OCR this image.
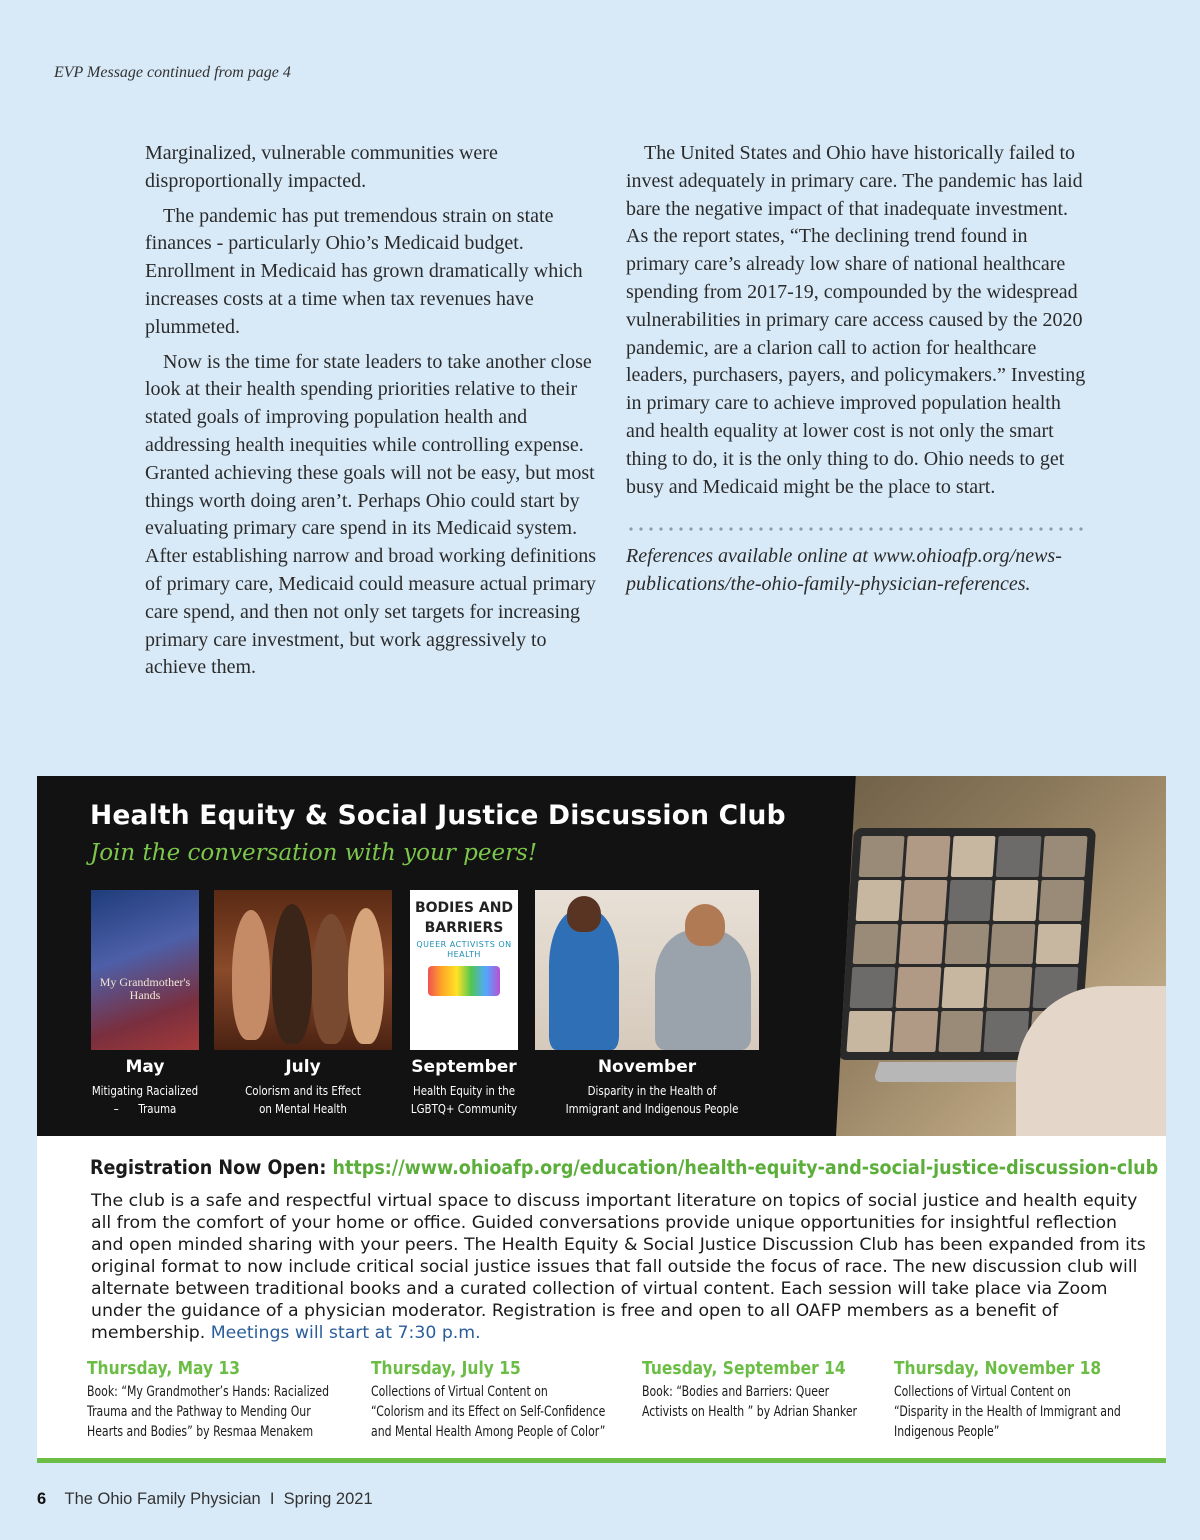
EVP Message continued from page 4

Marginalized, vulnerable communities were disproportionally impacted.

The pandemic has put tremendous strain on state finances - particularly Ohio’s Medicaid budget. Enrollment in Medicaid has grown dramatically which increases costs at a time when tax revenues have plummeted.

Now is the time for state leaders to take another close look at their health spending priorities relative to their stated goals of improving population health and addressing health inequities while controlling expense. Granted achieving these goals will not be easy, but most things worth doing aren’t. Perhaps Ohio could start by evaluating primary care spend in its Medicaid system. After establishing narrow and broad working definitions of primary care, Medicaid could measure actual primary care spend, and then not only set targets for increasing primary care investment, but work aggressively to achieve them.

The United States and Ohio have historically failed to invest adequately in primary care. The pandemic has laid bare the negative impact of that inadequate investment. As the report states, “The declining trend found in primary care’s already low share of national healthcare spending from 2017-19, compounded by the widespread vulnerabilities in primary care access caused by the 2020 pandemic, are a clarion call to action for healthcare leaders, purchasers, payers, and policymakers.” Investing in primary care to achieve improved population health and health equality at lower cost is not only the smart thing to do, it is the only thing to do. Ohio needs to get busy and Medicaid might be the place to start.

References available online at www.ohioafp.org/news-publications/the-ohio-family-physician-references.

Health Equity & Social Justice Discussion Club
Join the conversation with your peers!
My Grandmother's Hands
BODIES AND
BARRIERS
QUEER ACTIVISTS ON HEALTH
May	July	September	November
Mitigating Racialized
–      Trauma
Colorism and its Effect
on Mental Health
Health Equity in the
LGBTQ+ Community
Disparity in the Health of
Immigrant and Indigenous People
Registration Now Open: https://www.ohioafp.org/education/health-equity-and-social-justice-discussion-club
The club is a safe and respectful virtual space to discuss important literature on topics of social justice and health equity all from the comfort of your home or office. Guided conversations provide unique opportunities for insightful reflection and open minded sharing with your peers. The Health Equity & Social Justice Discussion Club has been expanded from its original format to now include critical social justice issues that fall outside the focus of race. The new discussion club will alternate between traditional books and a curated collection of virtual content. Each session will take place via Zoom under the guidance of a physician moderator. Registration is free and open to all OAFP members as a benefit of membership. Meetings will start at 7:30 p.m.
Thursday, May 13
Book: “My Grandmother’s Hands: Racialized
Trauma and the Pathway to Mending Our
Hearts and Bodies” by Resmaa Menakem
Thursday, July 15
Collections of Virtual Content on
“Colorism and its Effect on Self-Confidence
and Mental Health Among People of Color”
Tuesday, September 14
Book: “Bodies and Barriers: Queer
Activists on Health ” by Adrian Shanker
Thursday, November 18
Collections of Virtual Content on
“Disparity in the Health of Immigrant and
Indigenous People”
6 The Ohio Family Physician  I  Spring 2021
